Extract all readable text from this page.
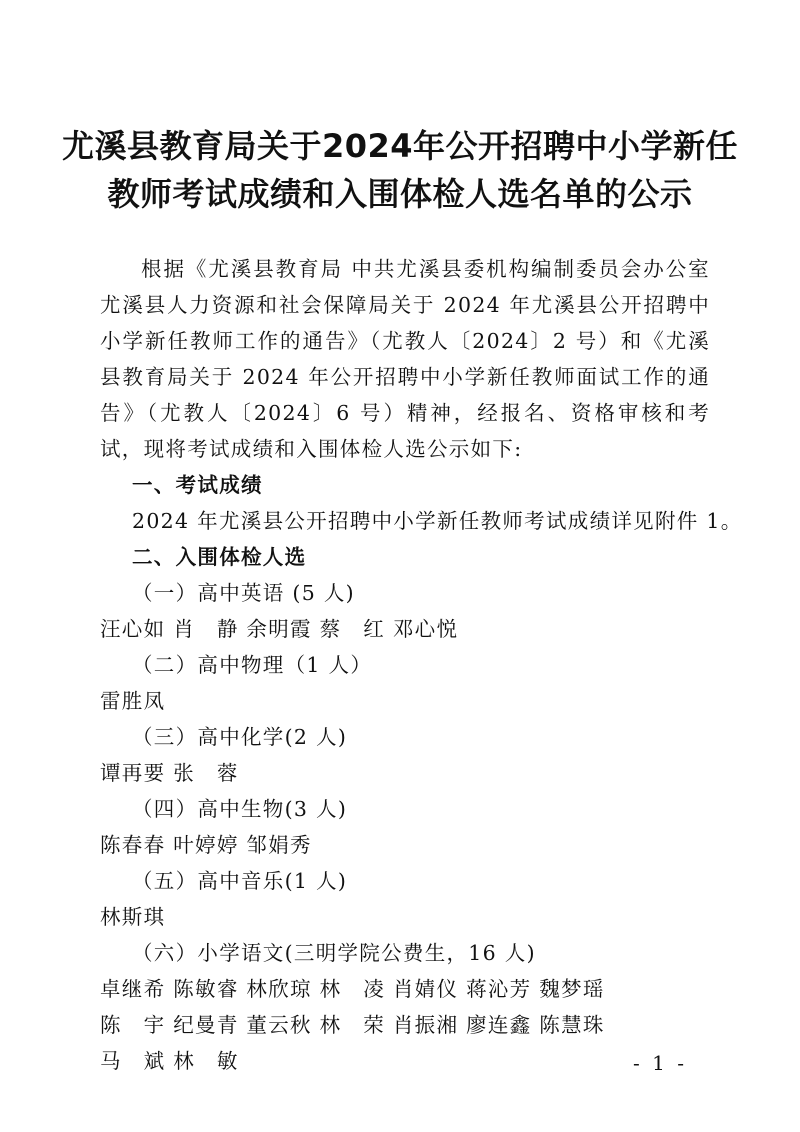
尤溪县教育局关于2024年公开招聘中小学新任
教师考试成绩和入围体检人选名单的公示

根据《尤溪县教育局 中共尤溪县委机构编制委员会办公室 尤溪县人力资源和社会保障局关于 2024 年尤溪县公开招聘中小学新任教师工作的通告》（尤教人〔2024〕2 号）和《尤溪县教育局关于 2024 年公开招聘中小学新任教师面试工作的通告》（尤教人〔2024〕6 号）精神，经报名、资格审核和考试，现将考试成绩和入围体检人选公示如下:

一、考试成绩

2024 年尤溪县公开招聘中小学新任教师考试成绩详见附件 1。

二、入围体检人选

（一）高中英语 (5 人)

汪心如 肖　静 余明霞 蔡　红 邓心悦

（二）高中物理（1 人）

雷胜凤

（三）高中化学(2 人)

谭再要 张　蓉

（四）高中生物(3 人)

陈春春 叶婷婷 邹娟秀

（五）高中音乐(1 人)

林斯琪

（六）小学语文(三明学院公费生，16 人)

卓继希 陈敏睿 林欣琼 林　凌 肖婧仪 蒋沁芳 魏梦瑶

陈　宇 纪曼青 董云秋 林　荣 肖振湘 廖连鑫 陈慧珠

马　斌 林　敏	- 1 -
